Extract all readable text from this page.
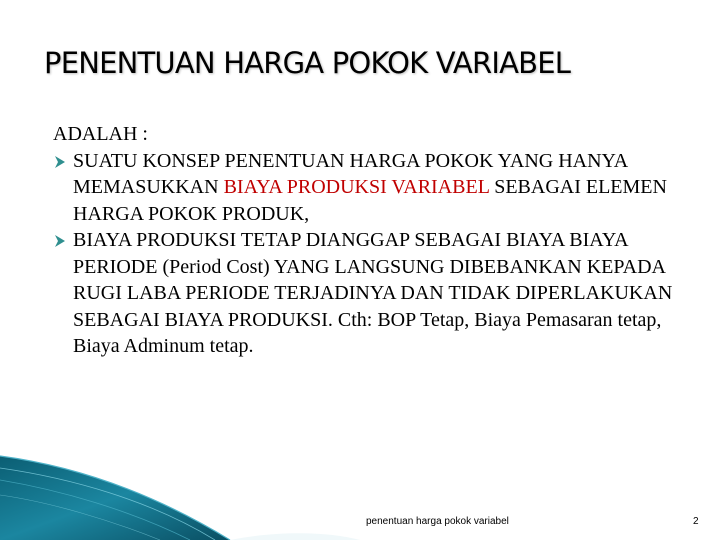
PENENTUAN HARGA POKOK VARIABEL

ADALAH :

SUATU KONSEP PENENTUAN HARGA POKOK YANG HANYA MEMASUKKAN BIAYA PRODUKSI VARIABEL SEBAGAI ELEMEN HARGA POKOK PRODUK,
BIAYA PRODUKSI TETAP DIANGGAP SEBAGAI BIAYA BIAYA PERIODE (Period Cost) YANG LANGSUNG DIBEBANKAN KEPADA RUGI LABA PERIODE TERJADINYA DAN TIDAK DIPERLAKUKAN SEBAGAI BIAYA PRODUKSI. Cth: BOP Tetap, Biaya Pemasaran tetap, Biaya Adminum tetap.
penentuan harga pokok variabel	2
